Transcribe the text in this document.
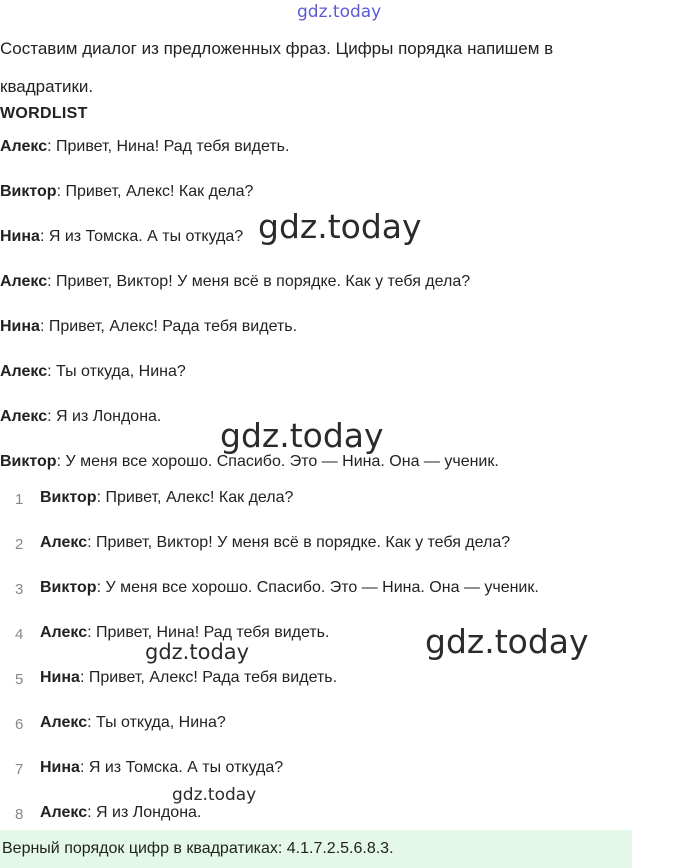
gdz.today
Составим диалог из предложенных фраз. Цифры порядка напишем в квадратики.
WORDLIST
Алекс: Привет, Нина! Рад тебя видеть.
Виктор: Привет, Алекс! Как дела?
Нина: Я из Томска. А ты откуда?
Алекс: Привет, Виктор! У меня всё в порядке. Как у тебя дела?
Нина: Привет, Алекс! Рада тебя видеть.
Алекс: Ты откуда, Нина?
Алекс: Я из Лондона.
Виктор: У меня все хорошо. Спасибо. Это — Нина. Она — ученик.
1 Виктор: Привет, Алекс! Как дела?
2 Алекс: Привет, Виктор! У меня всё в порядке. Как у тебя дела?
3 Виктор: У меня все хорошо. Спасибо. Это — Нина. Она — ученик.
4 Алекс: Привет, Нина! Рад тебя видеть.
5 Нина: Привет, Алекс! Рада тебя видеть.
6 Алекс: Ты откуда, Нина?
7 Нина: Я из Томска. А ты откуда?
8 Алекс: Я из Лондона.
Верный порядок цифр в квадратиках: 4.1.7.2.5.6.8.3.
gdz.today
gdz.today
gdz.today
gdz.today
gdz.today
